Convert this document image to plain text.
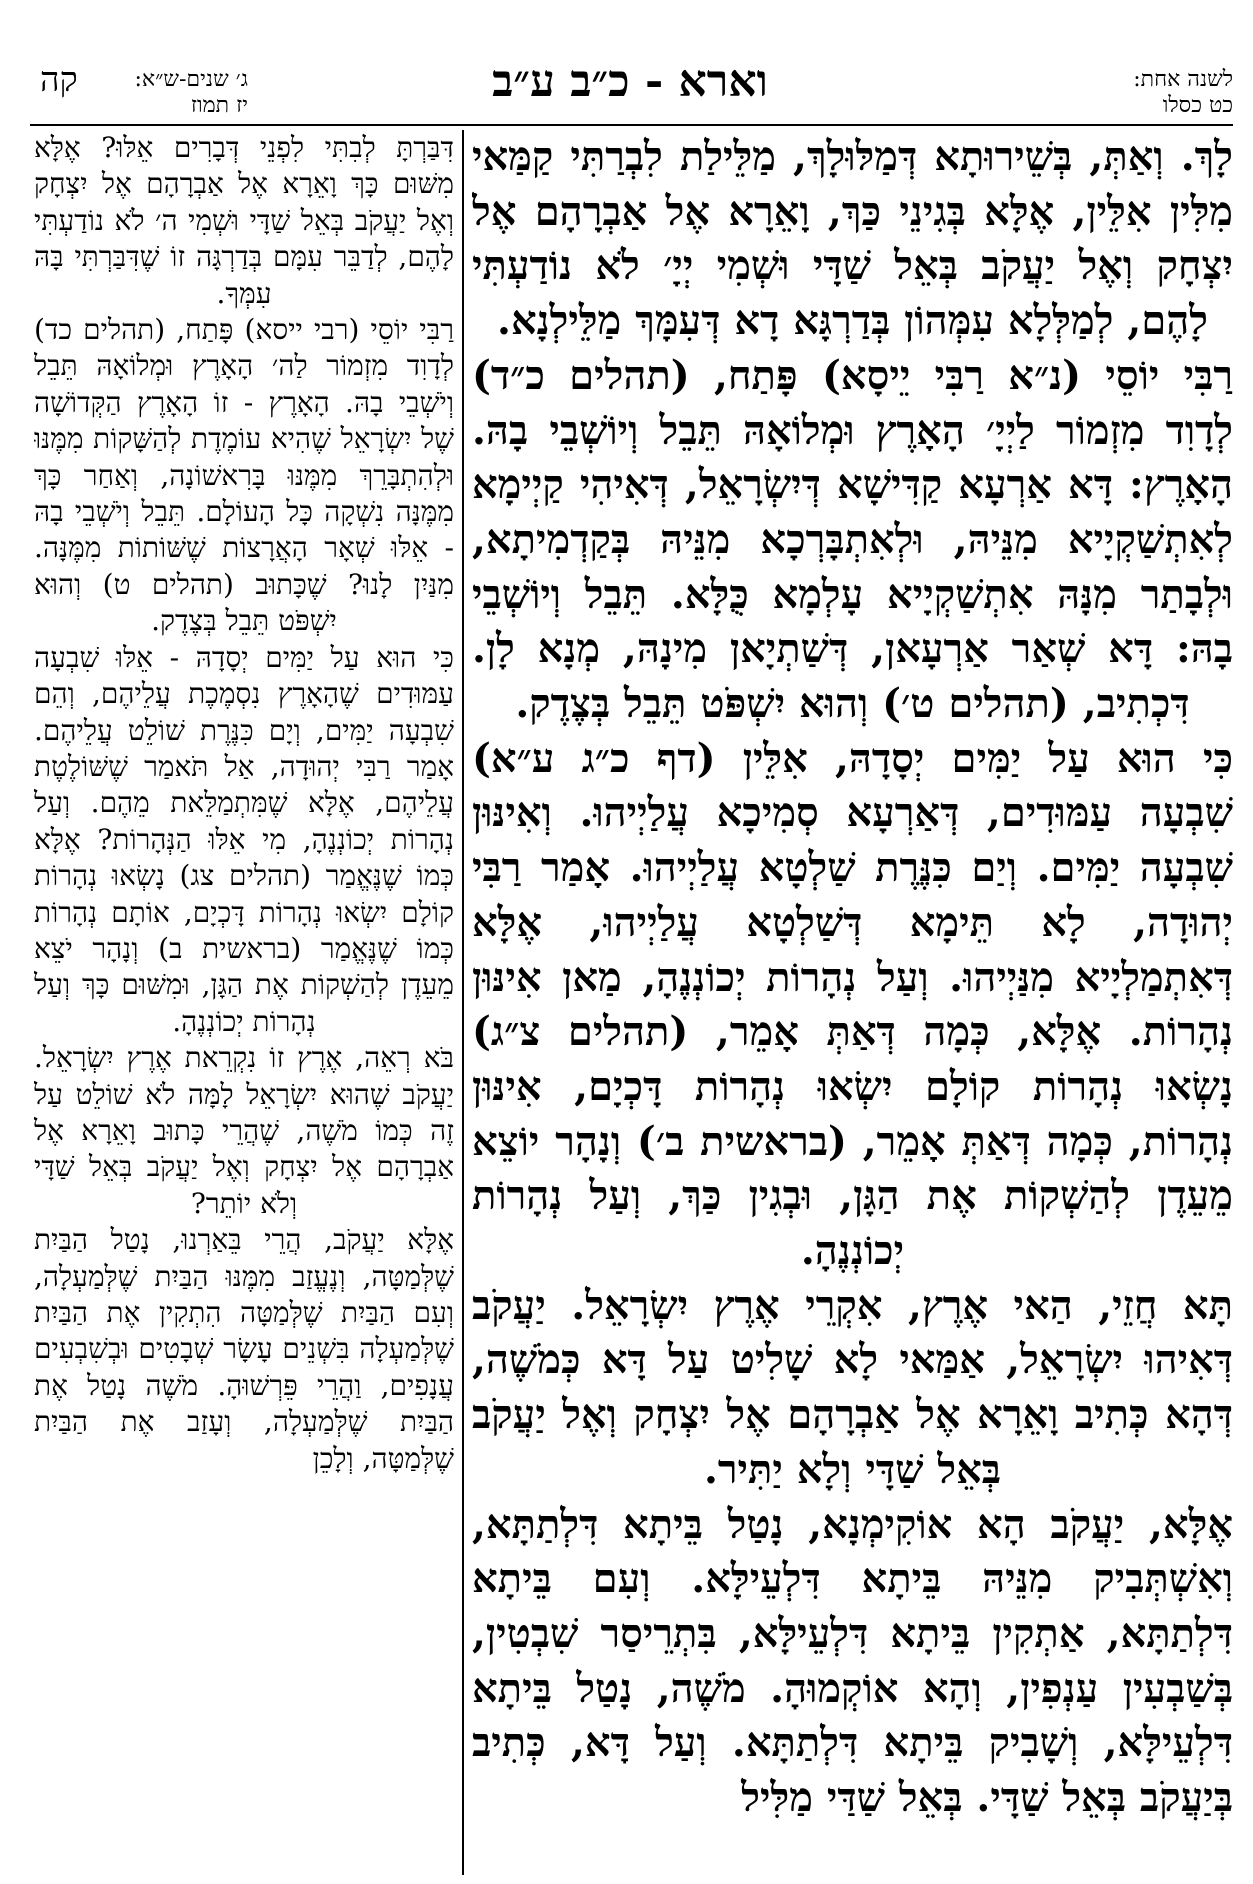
לשנה אחת:
כט כסלו
וארא - כ״ב ע״ב
ג׳ שנים-ש״א:
יז תמוז
קה

לָךְ. וְאַתְּ, בְּשֵׁירוּתָא דְּמַלּוּלָךְ, מַלֵּילַת לִבְרַתִּי קַמַּאי מִלִּין אִלֵּין, אֶלָּא בְּגִינֵי כַּךְ, וָאֵרָא אֶל אַבְרָהָם אֶל יִצְחָק וְאֶל יַעֲקֹב בְּאֵל שַׁדָּי וּשְׁמִי יְיָ׳ לֹא נוֹדַעְתִּי לָהֶם, לְמַלְּלָא עִמְּהוֹן בְּדַרְגָּא דָא דְּעִמָּךְ מַלֵּילְנָא.

רַבִּי יוֹסֵי (נ״א רַבִּי יֵיסָא) פָּתַח, (תהלים כ״ד) לְדָוִד מִזְמוֹר לַיְיָ׳ הָאָרֶץ וּמְלוֹאָהּ תֵּבֵל וְיוֹשְׁבֵי בָהּ. הָאָרֶץ: דָּא אַרְעָא קַדִּישָׁא דְּיִשְׂרָאֵל, דְּאִיהִי קַיְימָא לְאִתְשַׁקְיָיא מִנֵּיהּ, וּלְאִתְבָּרְכָא מִנֵּיהּ בְּקַדְמִיתָא, וּלְבָתַר מִנָּהּ אִתְשַׁקְיָיא עָלְמָא כֻּלָּא. תֵּבֵל וְיוֹשְׁבֵי בָהּ: דָּא שְׁאַר אַרְעָאן, דְּשַׁתְיָאן מִינָהּ, מְנָא לָן. דִּכְתִיב, (תהלים ט׳) וְהוּא יִשְׁפֹּט תֵּבֵל בְּצֶדֶק.

כִּי הוּא עַל יַמִּים יְסָדָהּ, אִלֵּין (דף כ״ג ע״א) שִׁבְעָה עַמּוּדִים, דְּאַרְעָא סְמִיכָא עֲלַיְיהוּ. וְאִינּוּן שִׁבְעָה יַמִּים. וְיַם כִּנֶּרֶת שַׁלְטָא עֲלַיְיהוּ. אָמַר רַבִּי יְהוּדָה, לָא תֵּימָא דְּשַׁלְטָא עֲלַיְיהוּ, אֶלָּא דְּאִתְמַלְיָיא מִנַּיְיהוּ. וְעַל נְהָרוֹת יְכוֹנְנֶהָ, מַאן אִינּוּן נְהָרוֹת. אֶלָּא, כְּמָה דְּאַתְּ אָמֵר, (תהלים צ״ג) נָשְׂאוּ נְהָרוֹת קוֹלָם יִשְׂאוּ נְהָרוֹת דָּכְיָם, אִינּוּן נְהָרוֹת, כְּמָה דְּאַתְּ אָמֵר, (בראשית ב׳) וְנָהָר יוֹצֵא מֵעֵדֶן לְהַשְׁקוֹת אֶת הַגָּן, וּבְגִין כַּךְ, וְעַל נְהָרוֹת יְכוֹנְנֶהָ.

תָּא חֲזֵי, הַאי אֶרֶץ, אִקְרֵי אֶרֶץ יִשְׂרָאֵל. יַעֲקֹב דְּאִיהוּ יִשְׂרָאֵל, אַמַּאי לָא שָׁלִיט עַל דָּא כְּמֹשֶׁה, דְּהָא כְּתִיב וָאֵרָא אֶל אַבְרָהָם אֶל יִצְחָק וְאֶל יַעֲקֹב בְּאֵל שַׁדָּי וְלָא יַתִּיר.

אֶלָּא, יַעֲקֹב הָא אוֹקִימְנָא, נָטַל בֵּיתָא דִּלְתַתָּא, וְאִשְׁתְּבִיק מִנֵּיהּ בֵּיתָא דִּלְעֵילָּא. וְעִם בֵּיתָא דִּלְתַתָּא, אַתְקִין בֵּיתָא דִּלְעֵילָּא, בִּתְרֵיסַר שִׁבְטִין, בְּשַׁבְעִין עַנְפִין, וְהָא אוֹקְמוּהָ. מֹשֶׁה, נָטַל בֵּיתָא דִּלְעֵילָּא, וְשָׁבִיק בֵּיתָא דִּלְתַתָּא. וְעַל דָּא, כְּתִיב בְּיַעֲקֹב בְּאֵל שַׁדָּי. בְּאֵל שַׁדַּי מַלִּיל

דִּבַּרְתָּ לְבִתִּי לִפְנֵי דְּבָרִים אֵלּוּ? אֶלָּא מִשּׁוּם כָּךְ וָאֵרָא אֶל אַבְרָהָם אֶל יִצְחָק וְאֶל יַעֲקֹב בְּאֵל שַׁדָּי וּשְׁמִי ה׳ לֹא נוֹדַעְתִּי לָהֶם, לְדַבֵּר עִמָּם בְּדַרְגָּה זוֹ שֶׁדִּבַּרְתִּי בָּהּ עִמְּךָ.

רַבִּי יוֹסֵי (רבי ייסא) פָּתַח, (תהלים כד) לְדָוִד מִזְמוֹר לַה׳ הָאָרֶץ וּמְלוֹאָהּ תֵּבֵל וְיֹשְׁבֵי בָהּ. הָאָרֶץ - זוֹ הָאָרֶץ הַקְּדוֹשָׁה שֶׁל יִשְׂרָאֵל שֶׁהִיא עוֹמֶדֶת לְהַשָּׁקוֹת מִמֶּנּוּ וּלְהִתְבָּרֵךְ מִמֶּנּוּ בָּרִאשׁוֹנָה, וְאַחַר כָּךְ מִמֶּנָּה נִשְׁקָה כָּל הָעוֹלָם. תֵּבֵל וְיֹשְׁבֵי בָהּ - אֵלּוּ שְׁאָר הָאֲרָצוֹת שֶׁשּׁוֹתוֹת מִמֶּנָּה. מִנַּיִן לָנוּ? שֶׁכָּתוּב (תהלים ט) וְהוּא יִשְׁפֹּט תֵּבֵל בְּצֶדֶק.

כִּי הוּא עַל יַמִּים יְסָדָהּ - אֵלּוּ שִׁבְעָה עַמּוּדִים שֶׁהָאָרֶץ נִסְמֶכֶת עֲלֵיהֶם, וְהֵם שִׁבְעָה יַמִּים, וְיָם כִּנֶּרֶת שׁוֹלֵט עֲלֵיהֶם. אָמַר רַבִּי יְהוּדָה, אַל תֹּאמַר שֶׁשּׁוֹלֶטֶת עֲלֵיהֶם, אֶלָּא שֶׁמִּתְמַלֵּאת מֵהֶם. וְעַל נְהָרוֹת יְכוֹנְנֶהָ, מִי אֵלּוּ הַנְּהָרוֹת? אֶלָּא כְּמוֹ שֶׁנֶּאֱמַר (תהלים צג) נָשְׂאוּ נְהָרוֹת קוֹלָם יִשְׂאוּ נְהָרוֹת דָּכְיָם, אוֹתָם נְהָרוֹת כְּמוֹ שֶׁנֶּאֱמַר (בראשית ב) וְנָהָר יֹצֵא מֵעֵדֶן לְהַשְׁקוֹת אֶת הַגָּן, וּמִשּׁוּם כָּךְ וְעַל נְהָרוֹת יְכוֹנְנֶהָ.

בֹּא רְאֵה, אֶרֶץ זוֹ נִקְרֵאת אֶרֶץ יִשְׂרָאֵל. יַעֲקֹב שֶׁהוּא יִשְׂרָאֵל לָמָּה לֹא שׁוֹלֵט עַל זֶה כְּמוֹ מֹשֶׁה, שֶׁהֲרֵי כָּתוּב וָאֵרָא אֶל אַבְרָהָם אֶל יִצְחָק וְאֶל יַעֲקֹב בְּאֵל שַׁדָּי וְלֹא יוֹתֵר?

אֶלָּא יַעֲקֹב, הֲרֵי בֵּאַרְנוּ, נָטַל הַבַּיִת שֶׁלְּמַטָּה, וְנֶעֱזַב מִמֶּנּוּ הַבַּיִת שֶׁלְּמַעְלָה, וְעִם הַבַּיִת שֶׁלְּמַטָּה הִתְקִין אֶת הַבַּיִת שֶׁלְּמַעְלָה בִּשְׁנֵים עָשָׂר שְׁבָטִים וּבְשִׁבְעִים עֲנָפִים, וַהֲרֵי פֵּרְשׁוּהָ. מֹשֶׁה נָטַל אֶת הַבַּיִת שֶׁלְּמַעְלָה, וְעָזַב אֶת הַבַּיִת שֶׁלְּמַטָּה, וְלָכֵן
